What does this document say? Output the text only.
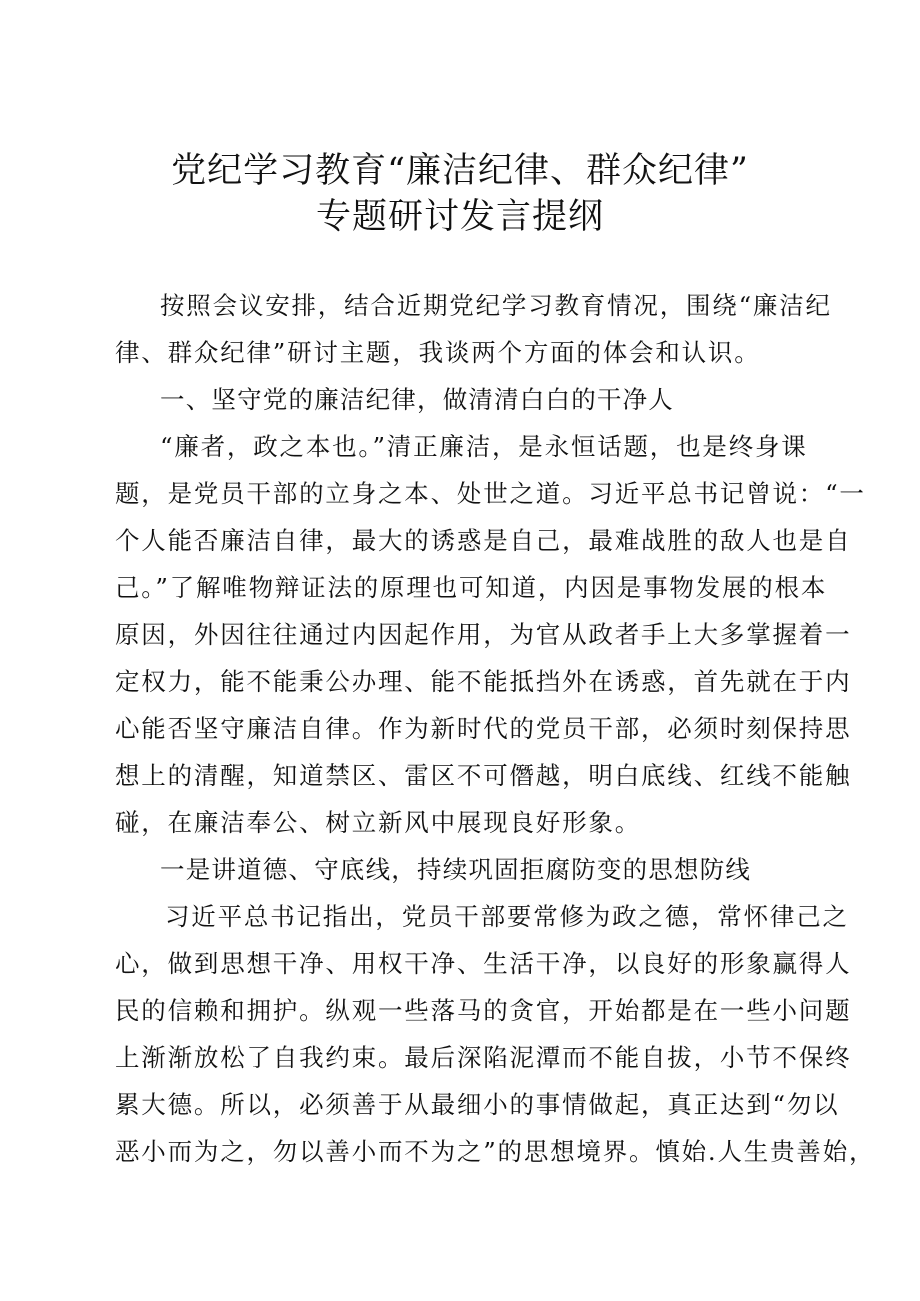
党纪学习教育“廉洁纪律、群众纪律”
专题研讨发言提纲
按照会议安排，结合近期党纪学习教育情况，围绕“廉洁纪
律、群众纪律”研讨主题，我谈两个方面的体会和认识。
一、坚守党的廉洁纪律，做清清白白的干净人
“廉者，政之本也。”清正廉洁，是永恒话题，也是终身课
题，是党员干部的立身之本、处世之道。习近平总书记曾说：“一
个人能否廉洁自律，最大的诱惑是自己，最难战胜的敌人也是自
己。”了解唯物辩证法的原理也可知道，内因是事物发展的根本
原因，外因往往通过内因起作用，为官从政者手上大多掌握着一
定权力，能不能秉公办理、能不能抵挡外在诱惑，首先就在于内
心能否坚守廉洁自律。作为新时代的党员干部，必须时刻保持思
想上的清醒，知道禁区、雷区不可僭越，明白底线、红线不能触
碰，在廉洁奉公、树立新风中展现良好形象。
一是讲道德、守底线，持续巩固拒腐防变的思想防线
习近平总书记指出，党员干部要常修为政之德，常怀律己之
心，做到思想干净、用权干净、生活干净，以良好的形象赢得人
民的信赖和拥护。纵观一些落马的贪官，开始都是在一些小问题
上渐渐放松了自我约束。最后深陷泥潭而不能自拔，小节不保终
累大德。所以，必须善于从最细小的事情做起，真正达到“勿以
恶小而为之，勿以善小而不为之”的思想境界。慎始.人生贵善始，
